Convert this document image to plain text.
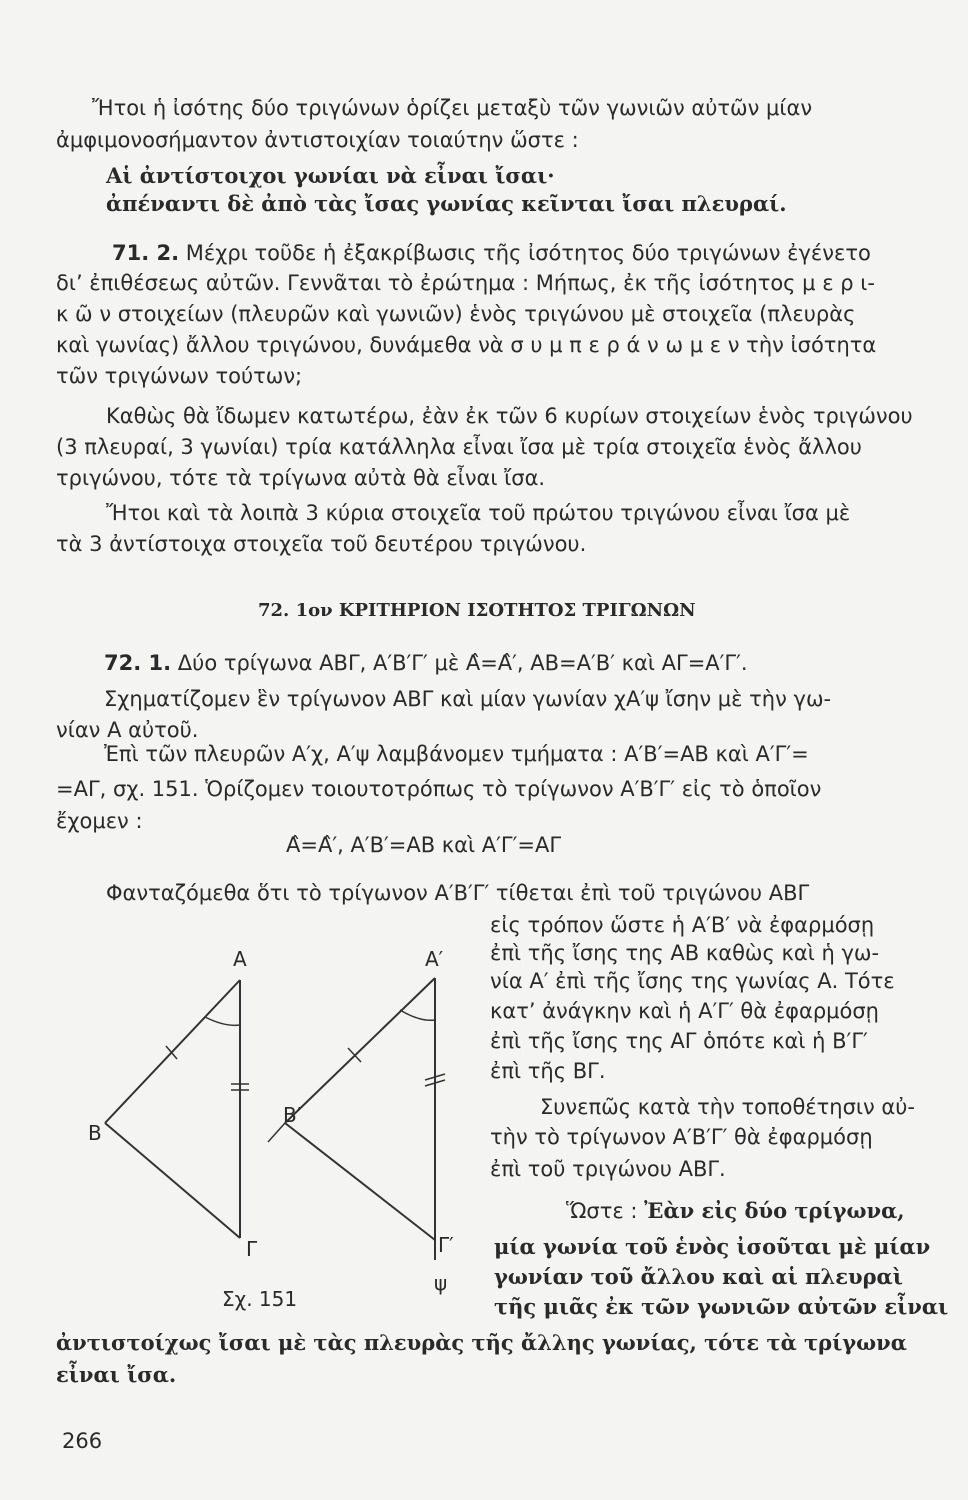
Ἤτοι ἡ ἰσότης δύο τριγώνων ὁρίζει μεταξὺ τῶν γωνιῶν αὐτῶν μίαν
ἀμφιμονοσήμαντον ἀντιστοιχίαν τοιαύτην ὥστε :
Αἱ ἀντίστοιχοι γωνίαι νὰ εἶναι ἴσαι·
ἀπέναντι δὲ ἀπὸ τὰς ἴσας γωνίας κεῖνται ἴσαι πλευραί.
71. 2. Μέχρι τοῦδε ἡ ἐξακρίβωσις τῆς ἰσότητος δύο τριγώνων ἐγένετο
δι’ ἐπιθέσεως αὐτῶν. Γεννᾶται τὸ ἐρώτημα : Μήπως, ἐκ τῆς ἰσότητος μ ε ρ ι-
κ ῶ ν στοιχείων (πλευρῶν καὶ γωνιῶν) ἑνὸς τριγώνου μὲ στοιχεῖα (πλευρὰς
καὶ γωνίας) ἄλλου τριγώνου, δυνάμεθα νὰ σ υ μ π ε ρ ά ν ω μ ε ν τὴν ἰσότητα
τῶν τριγώνων τούτων;
Καθὼς θὰ ἴδωμεν κατωτέρω, ἐὰν ἐκ τῶν 6 κυρίων στοιχείων ἑνὸς τριγώνου
(3 πλευραί, 3 γωνίαι) τρία κατάλληλα εἶναι ἴσα μὲ τρία στοιχεῖα ἑνὸς ἄλλου
τριγώνου, τότε τὰ τρίγωνα αὐτὰ θὰ εἶναι ἴσα.
Ἤτοι καὶ τὰ λοιπὰ 3 κύρια στοιχεῖα τοῦ πρώτου τριγώνου εἶναι ἴσα μὲ
τὰ 3 ἀντίστοιχα στοιχεῖα τοῦ δευτέρου τριγώνου.
72. 1ον ΚΡΙΤΗΡΙΟΝ ΙΣΟΤΗΤΟΣ ΤΡΙΓΩΝΩΝ
72. 1. Δύο τρίγωνα ΑΒΓ, Α′Β′Γ′ μὲ Α̂=Α̂′, ΑΒ=Α′Β′ καὶ ΑΓ=Α′Γ′.
Σχηματίζομεν ἓν τρίγωνον ΑΒΓ καὶ μίαν γωνίαν χΑ′ψ ἴσην μὲ τὴν γω-
νίαν Α αὐτοῦ.
Ἐπὶ τῶν πλευρῶν Α′χ, Α′ψ λαμβάνομεν τμήματα : Α′Β′=ΑΒ καὶ Α′Γ′=
=ΑΓ, σχ. 151. Ὁρίζομεν τοιουτοτρόπως τὸ τρίγωνον Α′Β′Γ′ εἰς τὸ ὁποῖον
ἔχομεν :
Α̂=Α̂′, Α′Β′=ΑΒ καὶ Α′Γ′=ΑΓ
Φανταζόμεθα ὅτι τὸ τρίγωνον Α′Β′Γ′ τίθεται ἐπὶ τοῦ τριγώνου ΑΒΓ
εἰς τρόπον ὥστε ἡ Α′Β′ νὰ ἐφαρμόσῃ
ἐπὶ τῆς ἴσης της ΑΒ καθὼς καὶ ἡ γω-
νία Α′ ἐπὶ τῆς ἴσης της γωνίας Α. Τότε
κατ’ ἀνάγκην καὶ ἡ Α′Γ′ θὰ ἐφαρμόσῃ
ἐπὶ τῆς ἴσης της ΑΓ ὁπότε καὶ ἡ Β′Γ′
ἐπὶ τῆς ΒΓ.
Συνεπῶς κατὰ τὴν τοποθέτησιν αὐ-
τὴν τὸ τρίγωνον Α′Β′Γ′ θὰ ἐφαρμόσῃ
ἐπὶ τοῦ τριγώνου ΑΒΓ.
Ὥστε : Ἐὰν εἰς δύο τρίγωνα,
μία γωνία τοῦ ἑνὸς ἰσοῦται μὲ μίαν
γωνίαν τοῦ ἄλλου καὶ αἱ πλευραὶ
τῆς μιᾶς ἐκ τῶν γωνιῶν αὐτῶν εἶναι
ἀντιστοίχως ἴσαι μὲ τὰς πλευρὰς τῆς ἄλλης γωνίας, τότε τὰ τρίγωνα
εἶναι ἴσα.
Α
Β
Γ
Α′
Β′
Γ′
ψ
Σχ. 151
266
